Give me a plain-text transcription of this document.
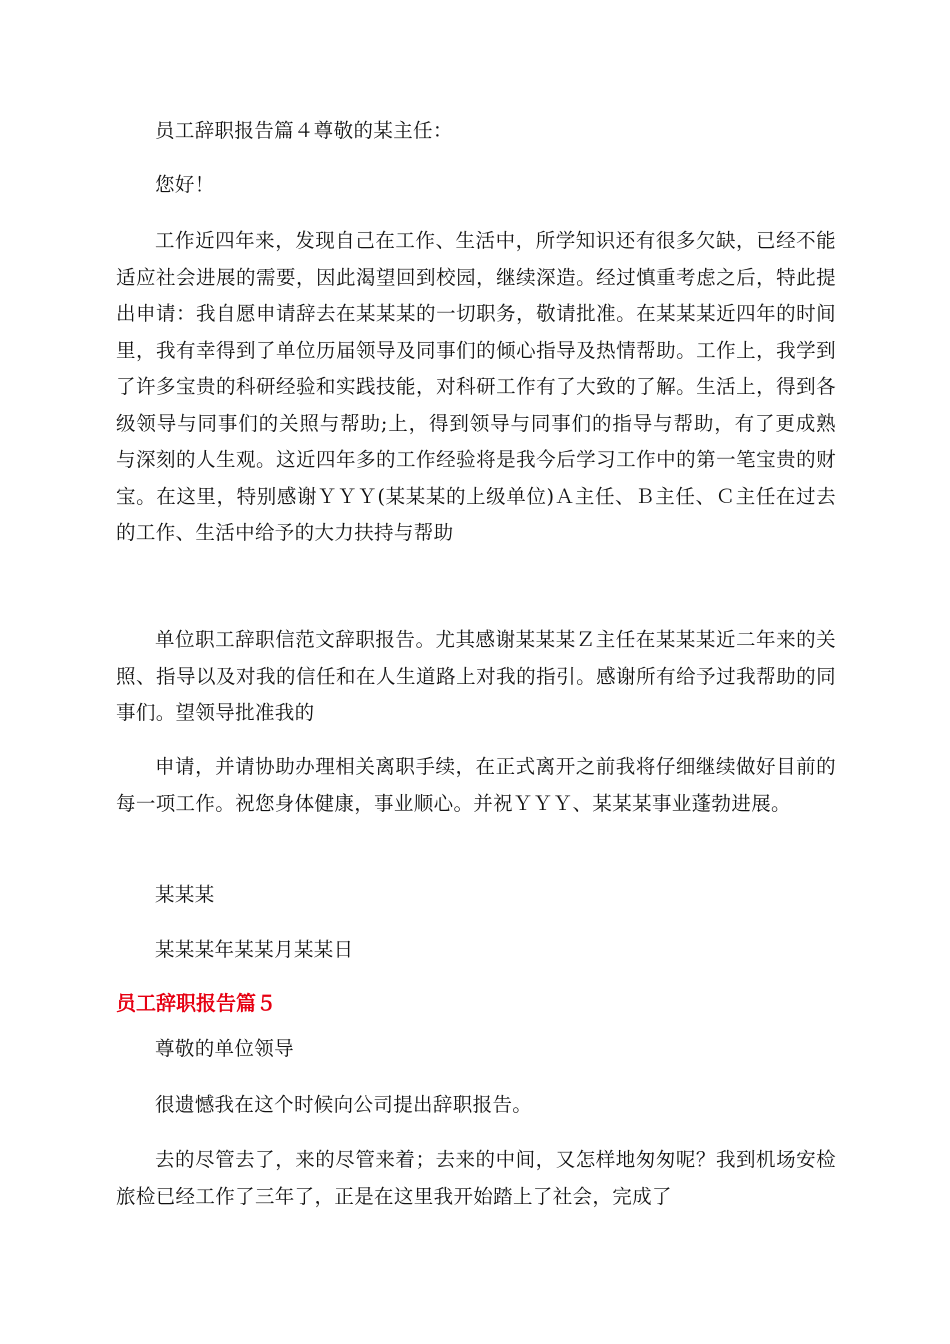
员工辞职报告篇４尊敬的某主任：

您好！

工作近四年来，发现自己在工作、生活中，所学知识还有很多欠缺，已经不能适应社会进展的需要，因此渴望回到校园，继续深造。经过慎重考虑之后，特此提出申请：我自愿申请辞去在某某某的一切职务，敬请批准。在某某某近四年的时间里，我有幸得到了单位历届领导及同事们的倾心指导及热情帮助。工作上，我学到了许多宝贵的科研经验和实践技能，对科研工作有了大致的了解。生活上，得到各级领导与同事们的关照与帮助;上，得到领导与同事们的指导与帮助，有了更成熟与深刻的人生观。这近四年多的工作经验将是我今后学习工作中的第一笔宝贵的财宝。在这里，特别感谢ＹＹＹ(某某某的上级单位)Ａ主任、Ｂ主任、Ｃ主任在过去的工作、生活中给予的大力扶持与帮助

单位职工辞职信范文辞职报告。尤其感谢某某某Ｚ主任在某某某近二年来的关照、指导以及对我的信任和在人生道路上对我的指引。感谢所有给予过我帮助的同事们。望领导批准我的

申请，并请协助办理相关离职手续，在正式离开之前我将仔细继续做好目前的每一项工作。祝您身体健康，事业顺心。并祝ＹＹＹ、某某某事业蓬勃进展。

某某某

某某某年某某月某某日

员工辞职报告篇５

尊敬的单位领导

很遗憾我在这个时候向公司提出辞职报告。

去的尽管去了，来的尽管来着；去来的中间，又怎样地匆匆呢？我到机场安检旅检已经工作了三年了，正是在这里我开始踏上了社会，完成了
